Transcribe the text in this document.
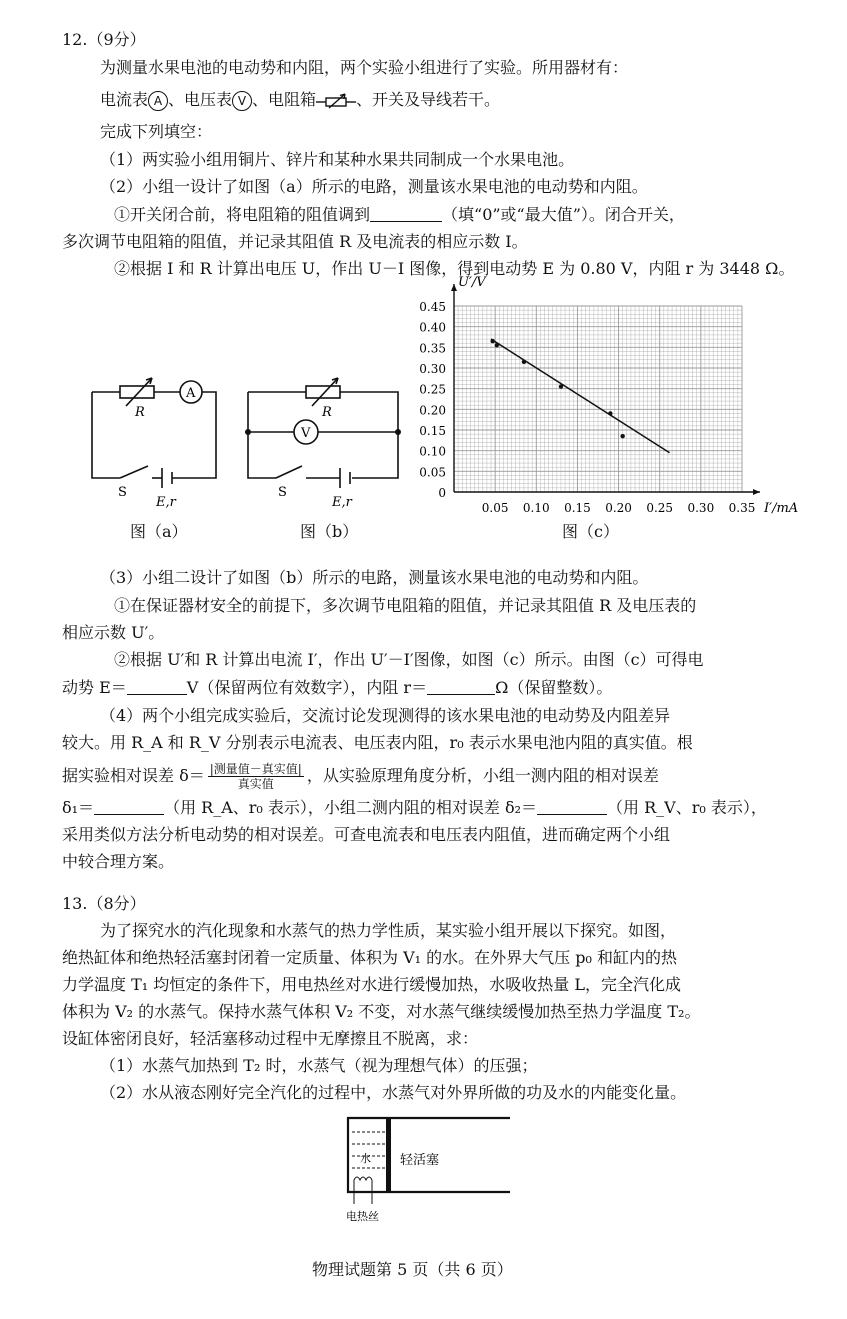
12.（9分）
为测量水果电池的电动势和内阻，两个实验小组进行了实验。所用器材有：
电流表 A 、电压表 V 、电阻箱	、开关及导线若干。
完成下列填空：
（1）两实验小组用铜片、锌片和某种水果共同制成一个水果电池。
（2）小组一设计了如图（a）所示的电路，测量该水果电池的电动势和内阻。
①开关闭合前，将电阻箱的阻值调到	（填“0”或“最大值”）。闭合开关，
多次调节电阻箱的阻值，并记录其阻值 R 及电流表的相应示数 I。
②根据 I 和 R 计算出电压 U，作出 U－I 图像，得到电动势 E 为 0.80 V，内阻 r 为 3448 Ω。
A
R
S
E,r
图（a）
V
R
S
E,r
图（b）
0.45
0.40
0.35
0.30
0.25
0.20
0.15
0.10
0.05
0
0.05 0.10 0.15 0.20 0.25 0.30 0.35
U′/V
I′/mA
图（c）
（3）小组二设计了如图（b）所示的电路，测量该水果电池的电动势和内阻。
①在保证器材安全的前提下，多次调节电阻箱的阻值，并记录其阻值 R 及电压表的
相应示数 U′。
②根据 U′和 R 计算出电流 I′，作出 U′－I′图像，如图（c）所示。由图（c）可得电
动势 E＝	V（保留两位有效数字），内阻 r＝	Ω（保留整数）。
（4）两个小组完成实验后，交流讨论发现测得的该水果电池的电动势及内阻差异
较大。用 R_A 和 R_V 分别表示电流表、电压表内阻，r₀ 表示水果电池内阻的真实值。根
据实验相对误差 $\delta= \frac{\text{|测量值－真实值|}}{\text{真实值}}$ ，从实验原理角度分析，小组一测内阻的相对误差
δ₁＝	（用 R_A、r₀ 表示），小组二测内阻的相对误差 δ₂＝	（用 R_V、r₀ 表示），
采用类似方法分析电动势的相对误差。可查电流表和电压表内阻值，进而确定两个小组
中较合理方案。
13.（8分）
为了探究水的汽化现象和水蒸气的热力学性质，某实验小组开展以下探究。如图，
绝热缸体和绝热轻活塞封闭着一定质量、体积为 V₁ 的水。在外界大气压 p₀ 和缸内的热
力学温度 T₁ 均恒定的条件下，用电热丝对水进行缓慢加热，水吸收热量 L，完全汽化成
体积为 V₂ 的水蒸气。保持水蒸气体积 V₂ 不变，对水蒸气继续缓慢加热至热力学温度 T₂。
设缸体密闭良好，轻活塞移动过程中无摩擦且不脱离，求：
（1）水蒸气加热到 T₂ 时，水蒸气（视为理想气体）的压强；
（2）水从液态刚好完全汽化的过程中，水蒸气对外界所做的功及水的内能变化量。
水 轻活塞
电热丝
物理试题第 5 页（共 6 页）
